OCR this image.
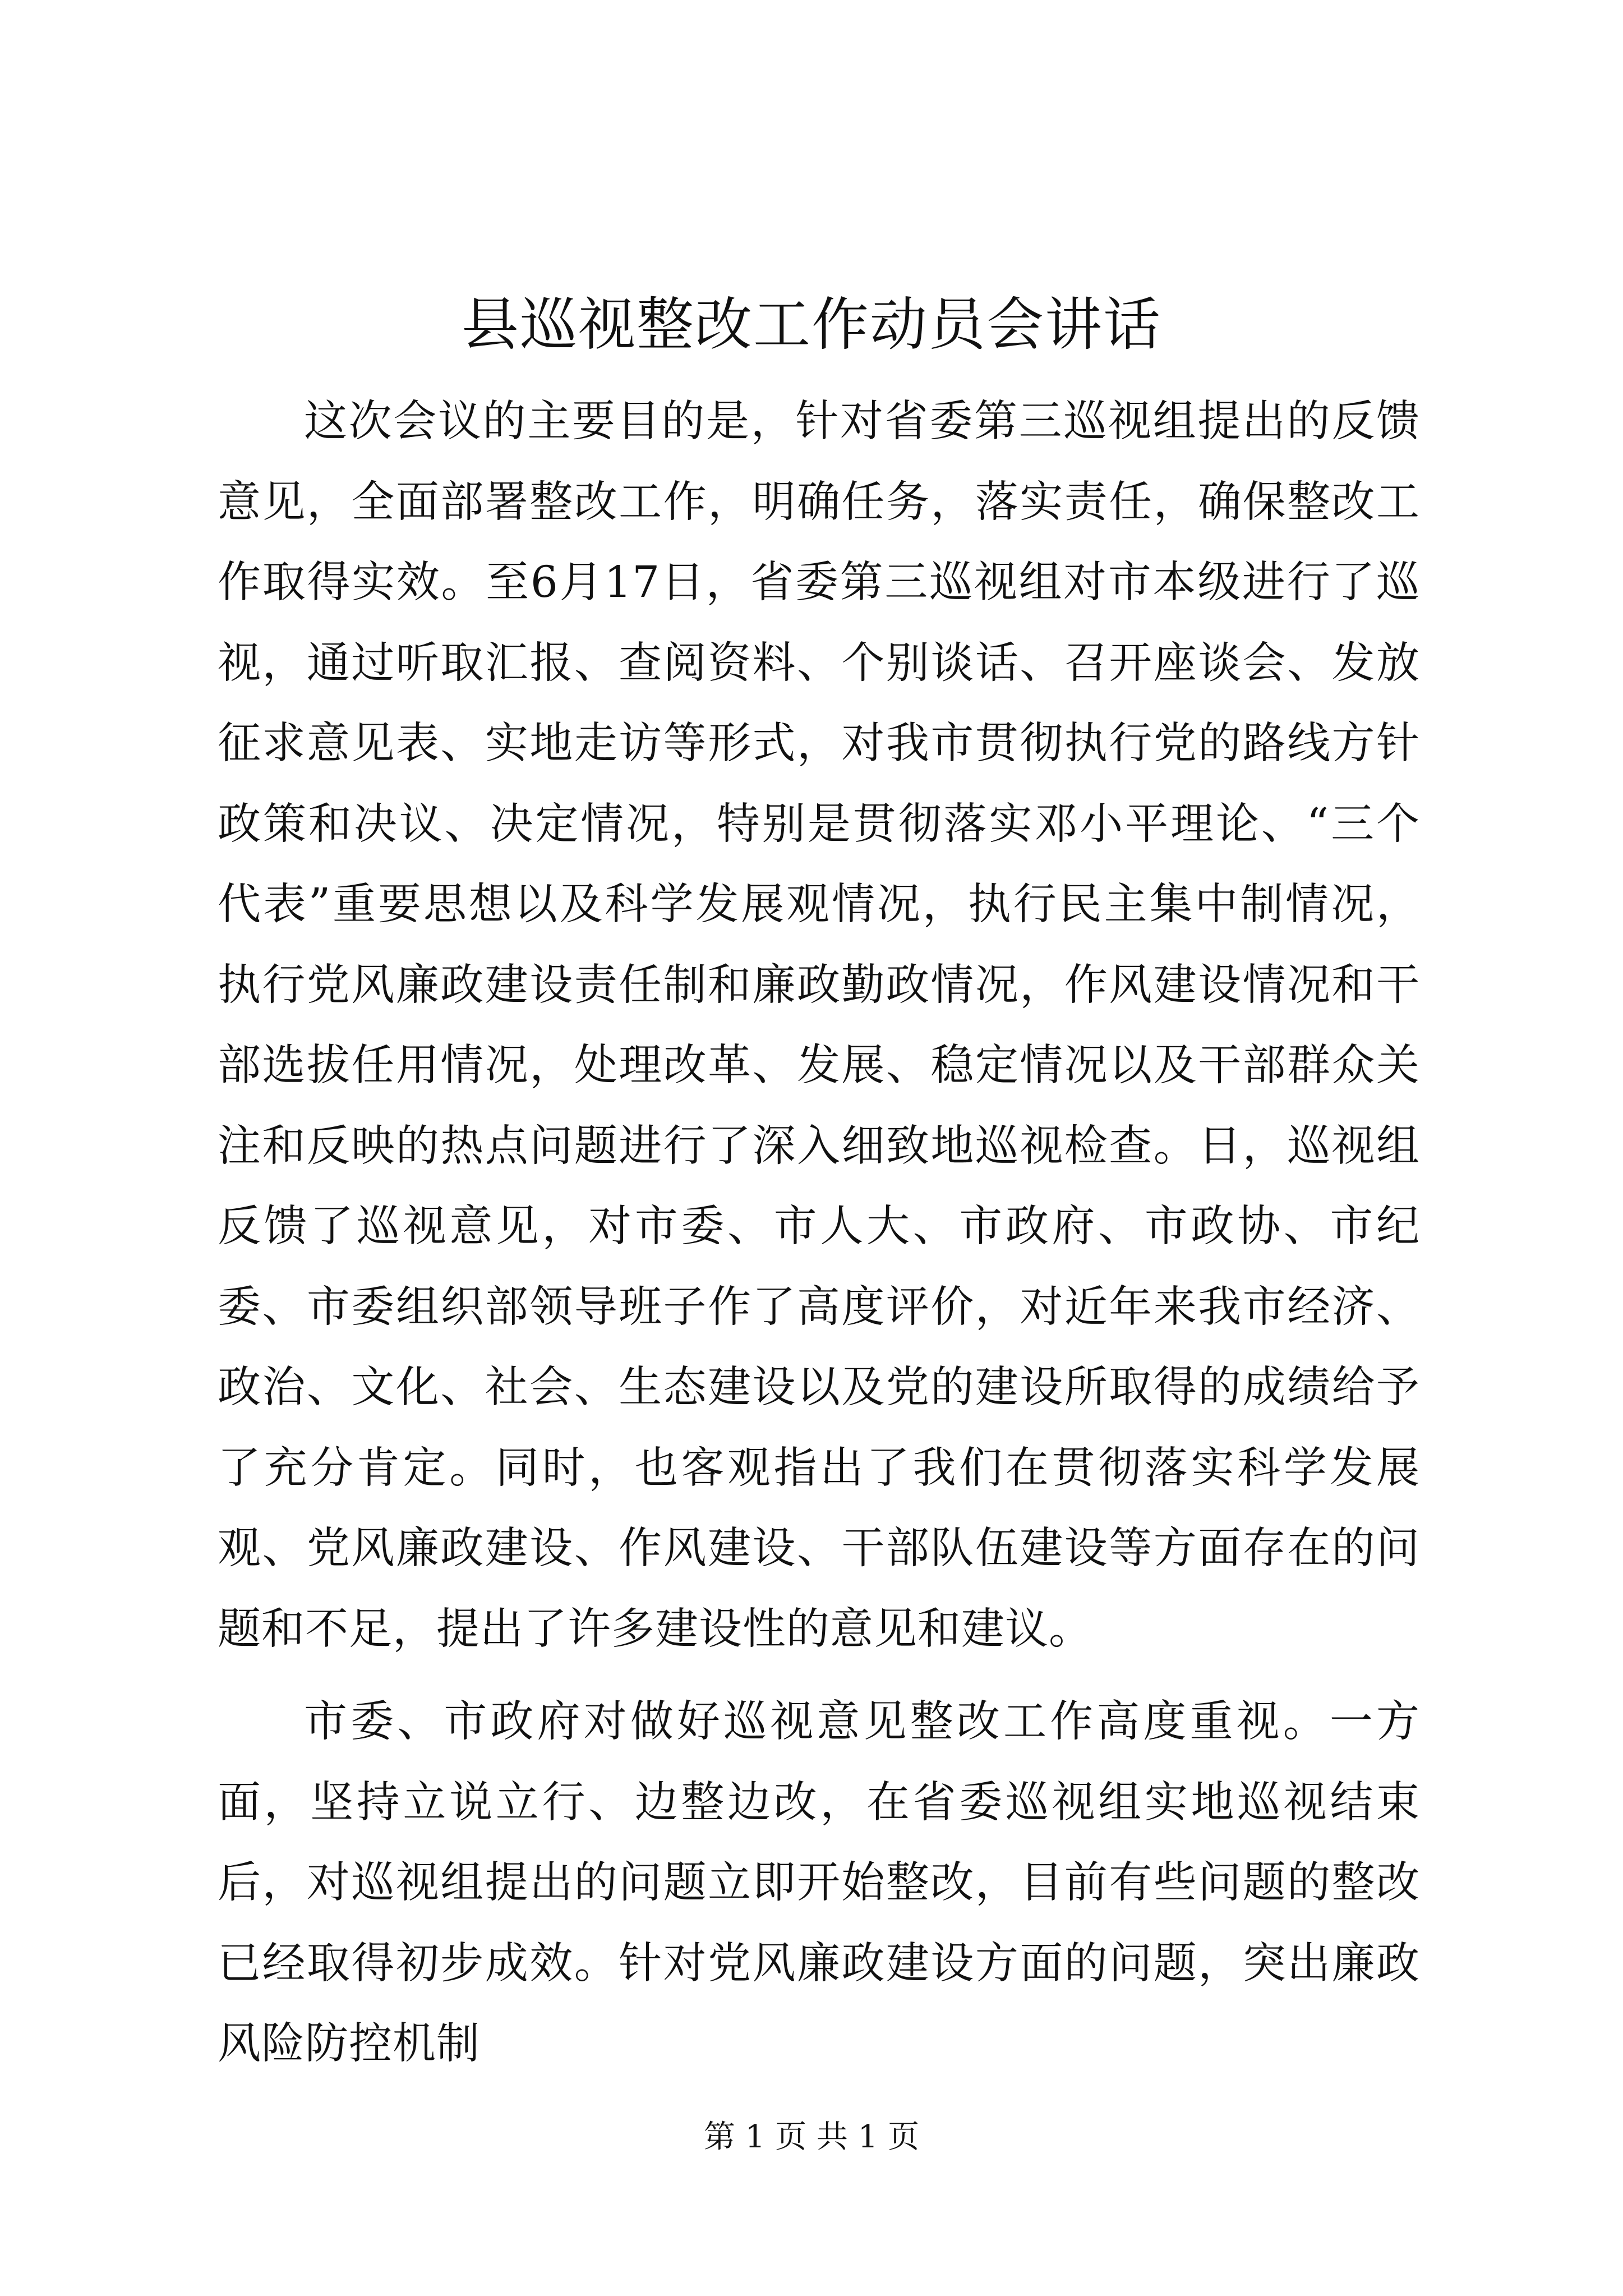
县巡视整改工作动员会讲话

这次会议的主要目的是，针对省委第三巡视组提出的反馈意见，全面部署整改工作，明确任务，落实责任，确保整改工作取得实效。至6月17日，省委第三巡视组对市本级进行了巡视，通过听取汇报、查阅资料、个别谈话、召开座谈会、发放征求意见表、实地走访等形式，对我市贯彻执行党的路线方针政策和决议、决定情况，特别是贯彻落实邓小平理论、“三个代表”重要思想以及科学发展观情况，执行民主集中制情况，执行党风廉政建设责任制和廉政勤政情况，作风建设情况和干部选拔任用情况，处理改革、发展、稳定情况以及干部群众关注和反映的热点问题进行了深入细致地巡视检查。日，巡视组反馈了巡视意见，对市委、市人大、市政府、市政协、市纪委、市委组织部领导班子作了高度评价，对近年来我市经济、政治、文化、社会、生态建设以及党的建设所取得的成绩给予了充分肯定。同时，也客观指出了我们在贯彻落实科学发展观、党风廉政建设、作风建设、干部队伍建设等方面存在的问题和不足，提出了许多建设性的意见和建议。

市委、市政府对做好巡视意见整改工作高度重视。一方面，坚持立说立行、边整边改，在省委巡视组实地巡视结束后，对巡视组提出的问题立即开始整改，目前有些问题的整改已经取得初步成效。针对党风廉政建设方面的问题，突出廉政风险防控机制

第 1 页 共 1 页
